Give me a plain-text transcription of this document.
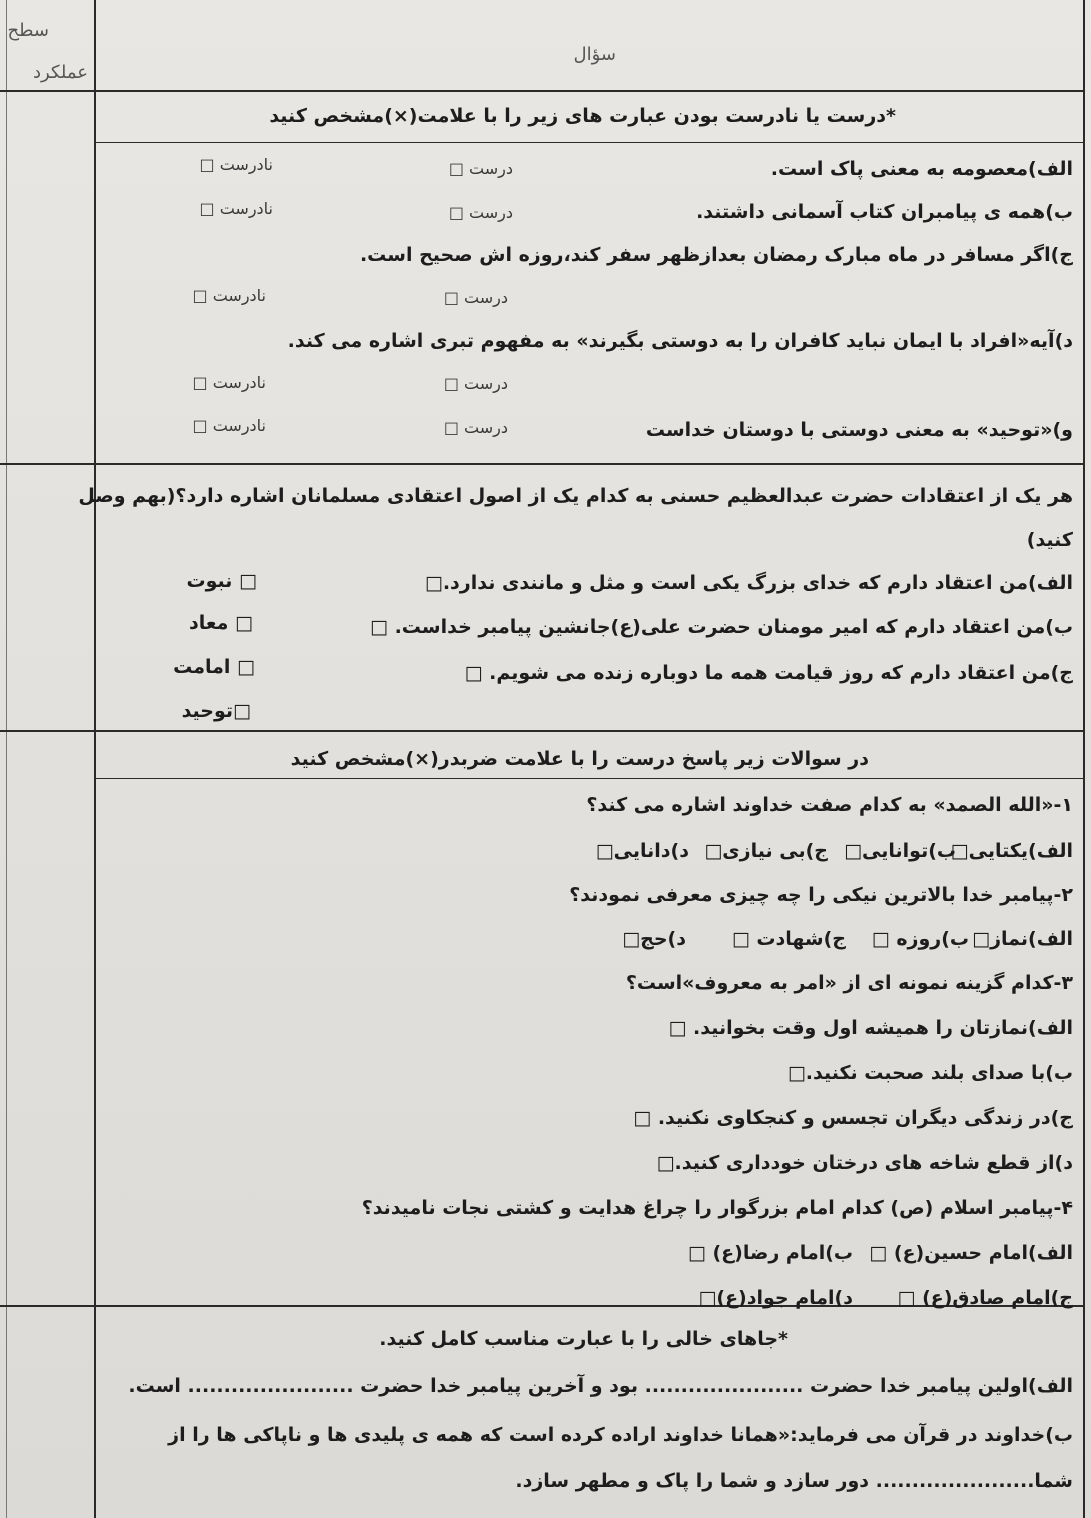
سطح
عملکرد
سؤال
*درست یا نادرست بودن عبارت های زیر را با علامت(×)مشخص کنید
الف)معصومه به معنی پاک است.
درست □
نادرست □
ب)همه ی پیامبران کتاب آسمانی داشتند.
درست □
نادرست □
ج)اگر مسافر در ماه مبارک رمضان بعدازظهر سفر کند،روزه اش صحیح است.
درست □
نادرست □
د)آیه«افراد با ایمان نباید کافران را به دوستی بگیرند» به مفهوم تبری اشاره می کند.
درست □
نادرست □
و)«توحید» به معنی دوستی با دوستان خداست
درست □
نادرست □
هر یک از اعتقادات حضرت عبدالعظیم حسنی به کدام یک از اصول اعتقادی مسلمانان اشاره دارد؟(بهم وصل
کنید)
الف)من اعتقاد دارم که خدای بزرگ یکی است و مثل و مانندی ندارد.□
ب)من اعتقاد دارم که امیر مومنان حضرت علی(ع)جانشین پیامبر خداست. □
ج)من اعتقاد دارم که روز قیامت همه ما دوباره زنده می شویم. □
□ نبوت
□ معاد
□ امامت
□توحید
در سوالات زیر پاسخ درست را با علامت ضربدر(×)مشخص کنید
١-«الله الصمد» به کدام صفت خداوند اشاره می کند؟
الف)یکتایی□
ب)توانایی□
ج)بی نیازی□
د)دانایی□
٢-پیامبر خدا بالاترین نیکی را چه چیزی معرفی نمودند؟
الف)نماز□
ب)روزه □
ج)شهادت □
د)حج□
٣-کدام گزینه نمونه ای از «امر به معروف»است؟
الف)نمازتان را همیشه اول وقت بخوانید. □
ب)با صدای بلند صحبت نکنید.□
ج)در زندگی دیگران تجسس و کنجکاوی نکنید. □
د)از قطع شاخه های درختان خودداری کنید.□
۴-پیامبر اسلام (ص) کدام امام بزرگوار را چراغ هدایت و کشتی نجات نامیدند؟
الف)امام حسین(ع) □
ب)امام رضا(ع) □
ج)امام صادق(ع) □
د)امام جواد(ع)□
*جاهای خالی را با عبارت مناسب کامل کنید.
الف)اولین پیامبر خدا حضرت ...................... بود و آخرین پیامبر خدا حضرت ....................... است.
ب)خداوند در قرآن می فرماید:«همانا خداوند اراده کرده است که همه ی پلیدی ها و ناپاکی ها را از
شما...................... دور سازد و شما را پاک و مطهر سازد.
